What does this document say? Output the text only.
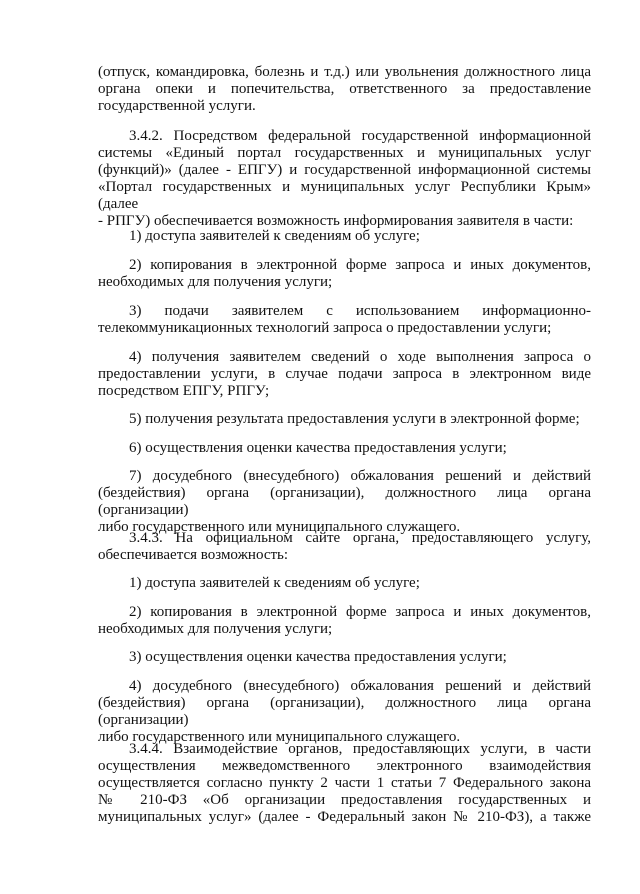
(отпуск, командировка, болезнь и т.д.) или увольнения должностного лица
органа опеки и попечительства, ответственного за предоставление
государственной услуги.
3.4.2. Посредством федеральной государственной информационной
системы «Единый портал государственных и муниципальных услуг
(функций)» (далее - ЕПГУ) и государственной информационной системы
«Портал государственных и муниципальных услуг Республики Крым» (далее
- РПГУ) обеспечивается возможность информирования заявителя в части:
1) доступа заявителей к сведениям об услуге;
2) копирования в электронной форме запроса и иных документов,
необходимых для получения услуги;
3) подачи заявителем с использованием информационно-
телекоммуникационных технологий запроса о предоставлении услуги;
4) получения заявителем сведений о ходе выполнения запроса о
предоставлении услуги, в случае подачи запроса в электронном виде
посредством ЕПГУ, РПГУ;
5) получения результата предоставления услуги в электронной форме;
6) осуществления оценки качества предоставления услуги;
7) досудебного (внесудебного) обжалования решений и действий
(бездействия) органа (организации), должностного лица органа (организации)
либо государственного или муниципального служащего.
3.4.3. На официальном сайте органа, предоставляющего услугу,
обеспечивается возможность:
1) доступа заявителей к сведениям об услуге;
2) копирования в электронной форме запроса и иных документов,
необходимых для получения услуги;
3) осуществления оценки качества предоставления услуги;
4) досудебного (внесудебного) обжалования решений и действий
(бездействия) органа (организации), должностного лица органа (организации)
либо государственного или муниципального служащего.
3.4.4. Взаимодействие органов, предоставляющих услуги, в части
осуществления межведомственного электронного взаимодействия
осуществляется согласно пункту 2 части 1 статьи 7 Федерального закона
№ 210-ФЗ «Об организации предоставления государственных и
муниципальных услуг» (далее - Федеральный закон № 210-ФЗ), а также
